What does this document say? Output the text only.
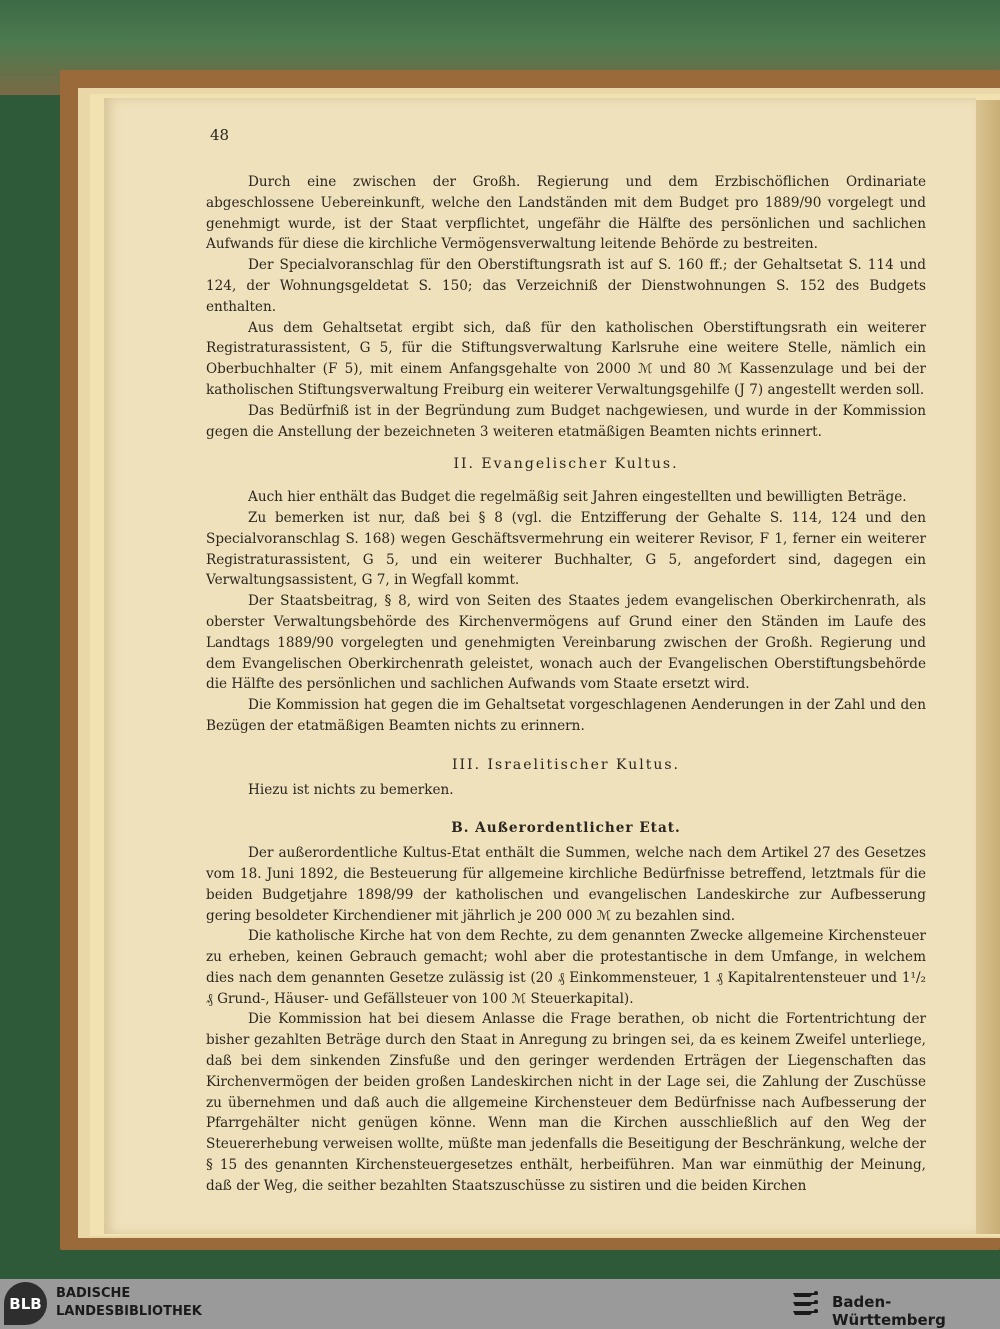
48

Durch eine zwischen der Großh. Regierung und dem Erzbischöflichen Ordinariate abgeschlossene Uebereinkunft, welche den Landständen mit dem Budget pro 1889/90 vorgelegt und genehmigt wurde, ist der Staat verpflichtet, ungefähr die Hälfte des persönlichen und sachlichen Aufwands für diese die kirchliche Vermögensverwaltung leitende Behörde zu bestreiten.

Der Specialvoranschlag für den Oberstiftungsrath ist auf S. 160 ff.; der Gehaltsetat S. 114 und 124, der Wohnungsgeldetat S. 150; das Verzeichniß der Dienstwohnungen S. 152 des Budgets enthalten.

Aus dem Gehaltsetat ergibt sich, daß für den katholischen Oberstiftungsrath ein weiterer Registraturassistent, G 5, für die Stiftungsverwaltung Karlsruhe eine weitere Stelle, nämlich ein Oberbuchhalter (F 5), mit einem Anfangsgehalte von 2000 ℳ und 80 ℳ Kassenzulage und bei der katholischen Stiftungsverwaltung Freiburg ein weiterer Verwaltungsgehilfe (J 7) angestellt werden soll.

Das Bedürfniß ist in der Begründung zum Budget nachgewiesen, und wurde in der Kommission gegen die Anstellung der bezeichneten 3 weiteren etatmäßigen Beamten nichts erinnert.

II. Evangelischer Kultus.

Auch hier enthält das Budget die regelmäßig seit Jahren eingestellten und bewilligten Beträge.

Zu bemerken ist nur, daß bei § 8 (vgl. die Entzifferung der Gehalte S. 114, 124 und den Specialvoranschlag S. 168) wegen Geschäftsvermehrung ein weiterer Revisor, F 1, ferner ein weiterer Registraturassistent, G 5, und ein weiterer Buchhalter, G 5, angefordert sind, dagegen ein Verwaltungsassistent, G 7, in Wegfall kommt.

Der Staatsbeitrag, § 8, wird von Seiten des Staates jedem evangelischen Oberkirchenrath, als oberster Verwaltungsbehörde des Kirchenvermögens auf Grund einer den Ständen im Laufe des Landtags 1889/90 vorgelegten und genehmigten Vereinbarung zwischen der Großh. Regierung und dem Evangelischen Oberkirchenrath geleistet, wonach auch der Evangelischen Oberstiftungsbehörde die Hälfte des persönlichen und sachlichen Aufwands vom Staate ersetzt wird.

Die Kommission hat gegen die im Gehaltsetat vorgeschlagenen Aenderungen in der Zahl und den Bezügen der etatmäßigen Beamten nichts zu erinnern.

III. Israelitischer Kultus.

Hiezu ist nichts zu bemerken.

B. Außerordentlicher Etat.

Der außerordentliche Kultus-Etat enthält die Summen, welche nach dem Artikel 27 des Gesetzes vom 18. Juni 1892, die Besteuerung für allgemeine kirchliche Bedürfnisse betreffend, letztmals für die beiden Budgetjahre 1898/99 der katholischen und evangelischen Landeskirche zur Aufbesserung gering besoldeter Kirchendiener mit jährlich je 200 000 ℳ zu bezahlen sind.

Die katholische Kirche hat von dem Rechte, zu dem genannten Zwecke allgemeine Kirchensteuer zu erheben, keinen Gebrauch gemacht; wohl aber die protestantische in dem Umfange, in welchem dies nach dem genannten Gesetze zulässig ist (20 ₰ Einkommensteuer, 1 ₰ Kapitalrentensteuer und 1¹/₂ ₰ Grund-, Häuser- und Gefällsteuer von 100 ℳ Steuerkapital).

Die Kommission hat bei diesem Anlasse die Frage berathen, ob nicht die Fortentrichtung der bisher gezahlten Beträge durch den Staat in Anregung zu bringen sei, da es keinem Zweifel unterliege, daß bei dem sinkenden Zinsfuße und den geringer werdenden Erträgen der Liegenschaften das Kirchenvermögen der beiden großen Landeskirchen nicht in der Lage sei, die Zahlung der Zuschüsse zu übernehmen und daß auch die allgemeine Kirchensteuer dem Bedürfnisse nach Aufbesserung der Pfarrgehälter nicht genügen könne. Wenn man die Kirchen ausschließlich auf den Weg der Steuererhebung verweisen wollte, müßte man jedenfalls die Beseitigung der Beschränkung, welche der § 15 des genannten Kirchensteuergesetzes enthält, herbeiführen. Man war einmüthig der Meinung, daß der Weg, die seither bezahlten Staatszuschüsse zu sistiren und die beiden Kirchen

BLB
BADISCHE
LANDESBIBLIOTHEK
Baden-Württemberg
